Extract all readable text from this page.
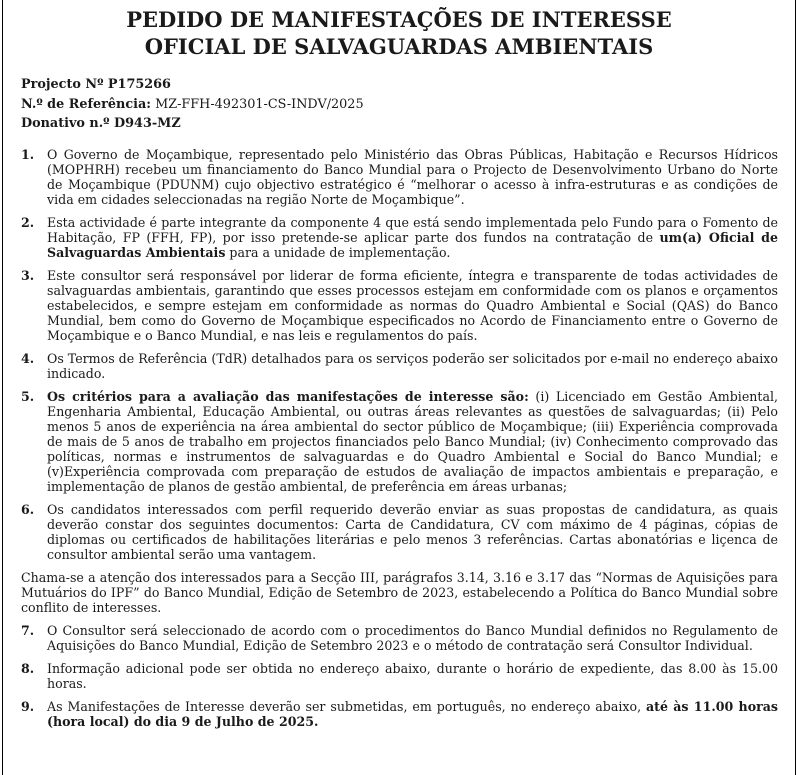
PEDIDO DE MANIFESTAÇÕES DE INTERESSE
OFICIAL DE SALVAGUARDAS AMBIENTAIS
Projecto Nº P175266
N.º de Referência: MZ-FFH-492301-CS-INDV/2025
Donativo n.º D943-MZ
1.	O Governo de Moçambique, representado pelo Ministério das Obras Públicas, Habitação e Recursos Hídricos (MOPHRH) recebeu um financiamento do Banco Mundial para o Projecto de Desenvolvimento Urbano do Norte de Moçambique (PDUNM) cujo objectivo estratégico é “melhorar o acesso à infra-estruturas e as condições de vida em cidades seleccionadas na região Norte de Moçambique”.
2.	Esta actividade é parte integrante da componente 4 que está sendo implementada pelo Fundo para o Fomento de Habitação, FP (FFH, FP), por isso pretende-se aplicar parte dos fundos na contratação de um(a) Oficial de Salvaguardas Ambientais para a unidade de implementação.
3.	Este consultor será responsável por liderar de forma eficiente, íntegra e transparente de todas actividades de salvaguardas ambientais, garantindo que esses processos estejam em conformidade com os planos e orçamentos estabelecidos, e sempre estejam em conformidade as normas do Quadro Ambiental e Social (QAS) do Banco Mundial, bem como do Governo de Moçambique especificados no Acordo de Financiamento entre o Governo de Moçambique e o Banco Mundial, e nas leis e regulamentos do país.
4.	Os Termos de Referência (TdR) detalhados para os serviços poderão ser solicitados por e-mail no endereço abaixo indicado.
5.	Os critérios para a avaliação das manifestações de interesse são: (i) Licenciado em Gestão Ambiental, Engenharia Ambiental, Educação Ambiental, ou outras áreas relevantes as questões de salvaguardas; (ii) Pelo menos 5 anos de experiência na área ambiental do sector público de Moçambique; (iii) Experiência comprovada de mais de 5 anos de trabalho em projectos financiados pelo Banco Mundial; (iv) Conhecimento comprovado das políticas, normas e instrumentos de salvaguardas e do Quadro Ambiental e Social do Banco Mundial; e (v)Experiência comprovada com preparação de estudos de avaliação de impactos ambientais e preparação, e implementação de planos de gestão ambiental, de preferência em áreas urbanas;
6.	Os candidatos interessados com perfil requerido deverão enviar as suas propostas de candidatura, as quais deverão constar dos seguintes documentos: Carta de Candidatura, CV com máximo de 4 páginas, cópias de diplomas ou certificados de habilitações literárias e pelo menos 3 referências. Cartas abonatórias e liçenca de consultor ambiental serão uma vantagem.
Chama-se a atenção dos interessados para a Secção III, parágrafos 3.14, 3.16 e 3.17 das “Normas de Aquisições para Mutuários do IPF” do Banco Mundial, Edição de Setembro de 2023, estabelecendo a Política do Banco Mundial sobre conflito de interesses.
7.	O Consultor será seleccionado de acordo com o procedimentos do Banco Mundial definidos no Regulamento de Aquisições do Banco Mundial, Edição de Setembro 2023 e o método de contratação será Consultor Individual.
8.	Informação adicional pode ser obtida no endereço abaixo, durante o horário de expediente, das 8.00 às 15.00 horas.
9.	As Manifestações de Interesse deverão ser submetidas, em português, no endereço abaixo, até às 11.00 horas (hora local) do dia 9 de Julho de 2025.
